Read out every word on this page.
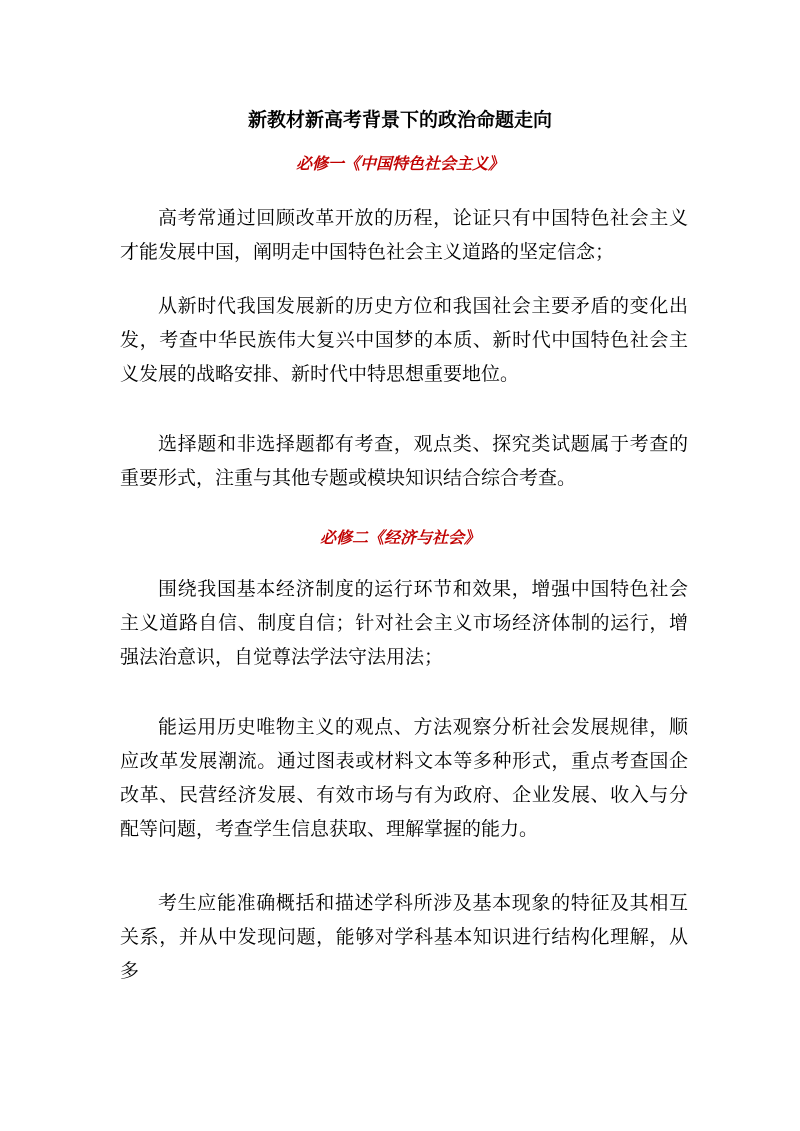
新教材新高考背景下的政治命题走向
必修一《中国特色社会主义》

高考常通过回顾改革开放的历程，论证只有中国特色社会主义才能发展中国，阐明走中国特色社会主义道路的坚定信念；

从新时代我国发展新的历史方位和我国社会主要矛盾的变化出发，考查中华民族伟大复兴中国梦的本质、新时代中国特色社会主义发展的战略安排、新时代中特思想重要地位。

选择题和非选择题都有考查，观点类、探究类试题属于考查的重要形式，注重与其他专题或模块知识结合综合考查。

必修二《经济与社会》

围绕我国基本经济制度的运行环节和效果，增强中国特色社会主义道路自信、制度自信；针对社会主义市场经济体制的运行，增强法治意识，自觉尊法学法守法用法；

能运用历史唯物主义的观点、方法观察分析社会发展规律，顺应改革发展潮流。通过图表或材料文本等多种形式，重点考查国企改革、民营经济发展、有效市场与有为政府、企业发展、收入与分配等问题，考查学生信息获取、理解掌握的能力。

考生应能准确概括和描述学科所涉及基本现象的特征及其相互关系，并从中发现问题，能够对学科基本知识进行结构化理解，从多
